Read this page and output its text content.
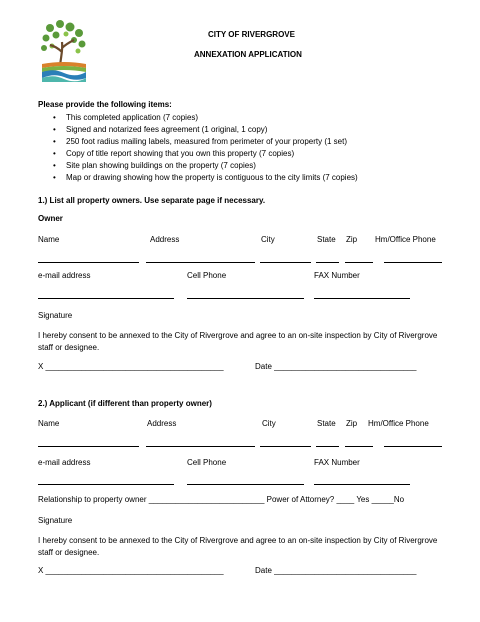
CITY OF RIVERGROVE
ANNEXATION APPLICATION
Please provide the following items:
• This completed application (7 copies)
• Signed and notarized fees agreement (1 original, 1 copy)
• 250 foot radius mailing labels, measured from perimeter of your property (1 set)
• Copy of title report showing that you own this property (7 copies)
• Site plan showing buildings on the property (7 copies)
• Map or drawing showing how the property is contiguous to the city limits (7 copies)
1.) List all property owners. Use separate page if necessary.
Owner
Name	Address	City	State Zip Hm/Office Phone
e-mail address	Cell Phone	FAX Number
Signature
I hereby consent to be annexed to the City of Rivergrove and agree to an on-site inspection by City of Rivergrove staff or designee.
X ________________________________________	Date ________________________________
2.) Applicant (if different than property owner)
Name	Address	City	State Zip Hm/Office Phone
e-mail address	Cell Phone	FAX Number
Relationship to property owner __________________________ Power of Attorney? ____ Yes _____No
Signature
I hereby consent to be annexed to the City of Rivergrove and agree to an on-site inspection by City of Rivergrove staff or designee.
X ________________________________________	Date ________________________________
